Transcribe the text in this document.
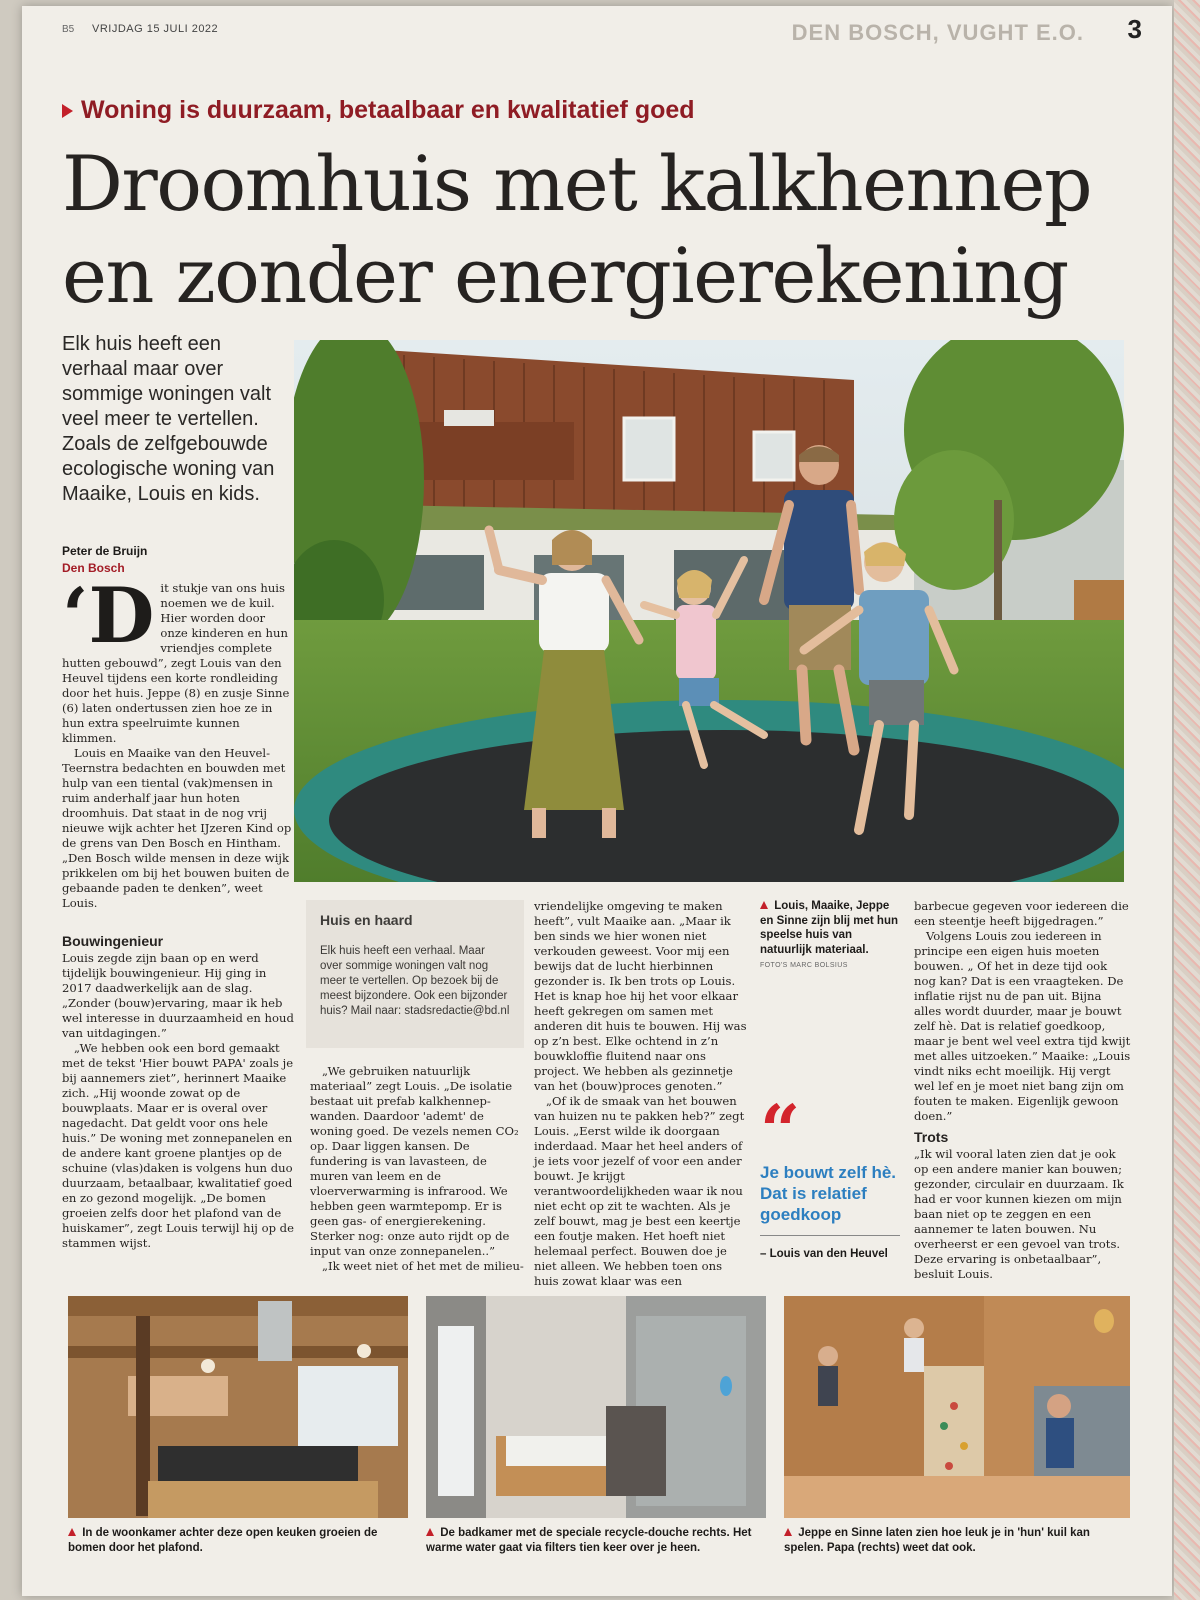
B5 VRIJDAG 15 JULI 2022	DEN BOSCH, VUGHT E.O. 3
Woning is duurzaam, betaalbaar en kwalitatief goed
Droomhuis met kalkhennep
en zonder energierekening

Elk huis heeft een verhaal maar over sommige woningen valt veel meer te vertellen. Zoals de zelfgebouwde ecologische woning van Maaike, Louis en kids.

Peter de Bruijn
Den Bosch
‘D it stukje van ons huis noemen we de kuil. Hier worden door onze kinderen en hun vriendjes complete hutten gebouwd”, zegt Louis van den Heuvel tijdens een korte rondleiding door het huis. Jeppe (8) en zusje Sinne (6) laten ondertussen zien hoe ze in hun extra speelruimte kunnen klimmen.

Louis en Maaike van den Heuvel-Teernstra bedachten en bouwden met hulp van een tiental (vak)mensen in ruim anderhalf jaar hun hoten droomhuis. Dat staat in de nog vrij nieuwe wijk achter het IJzeren Kind op de grens van Den Bosch en Hintham. „Den Bosch wilde mensen in deze wijk prikkelen om bij het bouwen buiten de gebaande paden te denken”, weet Louis.

Bouwingenieur

Louis zegde zijn baan op en werd tijdelijk bouwingenieur. Hij ging in 2017 daadwerkelijk aan de slag. „Zonder (bouw)ervaring, maar ik heb wel interesse in duurzaamheid en houd van uitdagingen.”

„We hebben ook een bord gemaakt met de tekst 'Hier bouwt PAPA' zoals je bij aannemers ziet”, herinnert Maaike zich. „Hij woonde zowat op de bouwplaats. Maar er is overal over nagedacht. Dat geldt voor ons hele huis.” De woning met zonnepanelen en de andere kant groene plantjes op de schuine (vlas)daken is volgens hun duo duurzaam, betaalbaar, kwalitatief goed en zo gezond mogelijk. „De bomen groeien zelfs door het plafond van de huiskamer”, zegt Louis terwijl hij op de stammen wijst.

Huis en haard
Elk huis heeft een verhaal. Maar over sommige woningen valt nog meer te vertellen. Op bezoek bij de meest bijzondere. Ook een bijzonder huis? Mail naar: stadsredactie@bd.nl

„We gebruiken natuurlijk materiaal” zegt Louis. „De isolatie bestaat uit prefab kalkhennep-wanden. Daardoor 'ademt' de woning goed. De vezels nemen CO₂ op. Daar liggen kansen. De fundering is van lavasteen, de muren van leem en de vloerverwarming is infrarood. We hebben geen warmtepomp. Er is geen gas- of energierekening. Sterker nog: onze auto rijdt op de input van onze zonnepanelen..”

„Ik weet niet of het met de milieu-

vriendelijke omgeving te maken heeft”, vult Maaike aan. „Maar ik ben sinds we hier wonen niet verkouden geweest. Voor mij een bewijs dat de lucht hierbinnen gezonder is. Ik ben trots op Louis. Het is knap hoe hij het voor elkaar heeft gekregen om samen met anderen dit huis te bouwen. Hij was op z’n best. Elke ochtend in z’n bouwkloffie fluitend naar ons project. We hebben als gezinnetje van het (bouw)proces genoten.”

„Of ik de smaak van het bouwen van huizen nu te pakken heb?” zegt Louis. „Eerst wilde ik doorgaan inderdaad. Maar het heel anders of je iets voor jezelf of voor een ander bouwt. Je krijgt verantwoordelijkheden waar ik nou niet echt op zit te wachten. Als je zelf bouwt, mag je best een keertje een foutje maken. Het hoeft niet helemaal perfect. Bouwen doe je niet alleen. We hebben toen ons huis zowat klaar was een

Louis, Maaike, Jeppe en Sinne zijn blij met hun speelse huis van natuurlijk materiaal. FOTO'S MARC BOLSIUS
“
Je bouwt zelf hè. Dat is relatief goedkoop
– Louis van den Heuvel

barbecue gegeven voor iedereen die een steentje heeft bijgedragen.”

Volgens Louis zou iedereen in principe een eigen huis moeten bouwen. „ Of het in deze tijd ook nog kan? Dat is een vraagteken. De inflatie rijst nu de pan uit. Bijna alles wordt duurder, maar je bouwt zelf hè. Dat is relatief goedkoop, maar je bent wel veel extra tijd kwijt met alles uitzoeken.” Maaike: „Louis vindt niks echt moeilijk. Hij vergt wel lef en je moet niet bang zijn om fouten te maken. Eigenlijk gewoon doen.”

Trots

„Ik wil vooral laten zien dat je ook op een andere manier kan bouwen; gezonder, circulair en duurzaam. Ik had er voor kunnen kiezen om mijn baan niet op te zeggen en een aannemer te laten bouwen. Nu overheerst er een gevoel van trots. Deze ervaring is onbetaalbaar”, besluit Louis.

In de woonkamer achter deze open keuken groeien de bomen door het plafond.
De badkamer met de speciale recycle-douche rechts. Het warme water gaat via filters tien keer over je heen.
Jeppe en Sinne laten zien hoe leuk je in 'hun' kuil kan spelen. Papa (rechts) weet dat ook.
